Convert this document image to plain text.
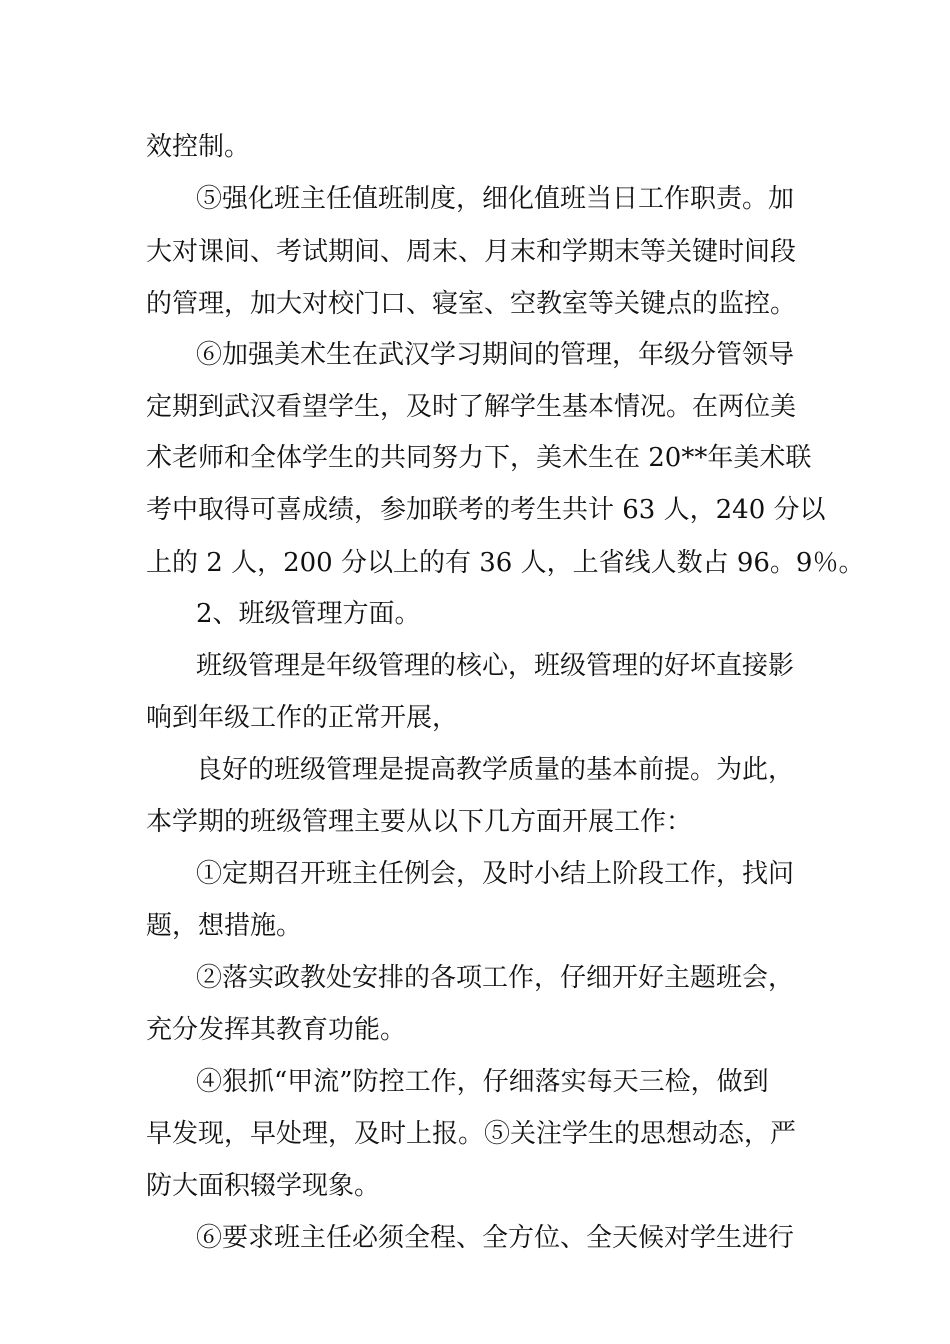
效控制。
⑤强化班主任值班制度，细化值班当日工作职责。加
大对课间、考试期间、周末、月末和学期末等关键时间段
的管理，加大对校门口、寝室、空教室等关键点的监控。
⑥加强美术生在武汉学习期间的管理，年级分管领导
定期到武汉看望学生，及时了解学生基本情况。在两位美
术老师和全体学生的共同努力下，美术生在 20**年美术联
考中取得可喜成绩，参加联考的考生共计 63 人，240 分以
上的 2 人，200 分以上的有 36 人，上省线人数占 96。9％。
2、班级管理方面。
班级管理是年级管理的核心，班级管理的好坏直接影
响到年级工作的正常开展，
良好的班级管理是提高教学质量的基本前提。为此，
本学期的班级管理主要从以下几方面开展工作：
①定期召开班主任例会，及时小结上阶段工作，找问
题，想措施。
②落实政教处安排的各项工作，仔细开好主题班会，
充分发挥其教育功能。
④狠抓“甲流”防控工作，仔细落实每天三检，做到
早发现，早处理，及时上报。⑤关注学生的思想动态，严
防大面积辍学现象。
⑥要求班主任必须全程、全方位、全天候对学生进行
